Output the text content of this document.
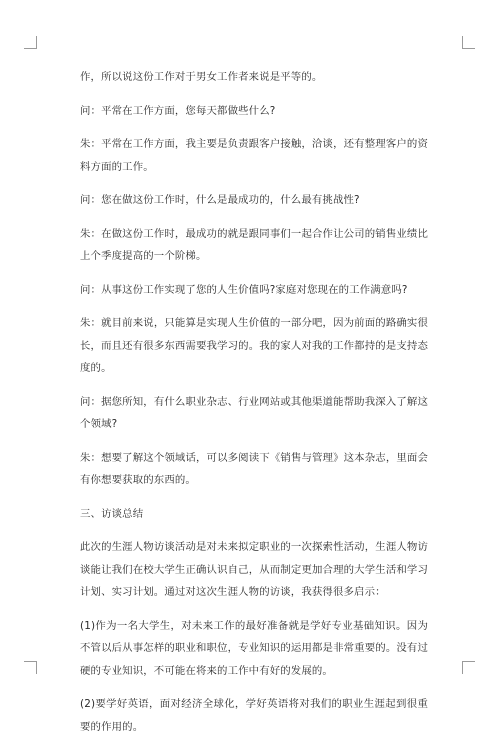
作，所以说这份工作对于男女工作者来说是平等的。

问：平常在工作方面，您每天都做些什么?

朱：平常在工作方面，我主要是负责跟客户接触，洽谈，还有整理客户的资料方面的工作。

问：您在做这份工作时，什么是最成功的，什么最有挑战性?

朱：在做这份工作时，最成功的就是跟同事们一起合作让公司的销售业绩比上个季度提高的一个阶梯。

问：从事这份工作实现了您的人生价值吗?家庭对您现在的工作满意吗?

朱：就目前来说，只能算是实现人生价值的一部分吧，因为前面的路确实很长，而且还有很多东西需要我学习的。我的家人对我的工作都持的是支持态度的。

问：据您所知，有什么职业杂志、行业网站或其他渠道能帮助我深入了解这个领域?

朱：想要了解这个领域话，可以多阅读下《销售与管理》这本杂志，里面会有你想要获取的东西的。

三、访谈总结

此次的生涯人物访谈活动是对未来拟定职业的一次探索性活动，生涯人物访谈能让我们在校大学生正确认识自己，从而制定更加合理的大学生活和学习计划、实习计划。通过对这次生涯人物的访谈，我获得很多启示：

(1)作为一名大学生，对未来工作的最好准备就是学好专业基础知识。因为不管以后从事怎样的职业和职位，专业知识的运用都是非常重要的。没有过硬的专业知识，不可能在将来的工作中有好的发展的。

(2)要学好英语，面对经济全球化，学好英语将对我们的职业生涯起到很重要的作用的。
